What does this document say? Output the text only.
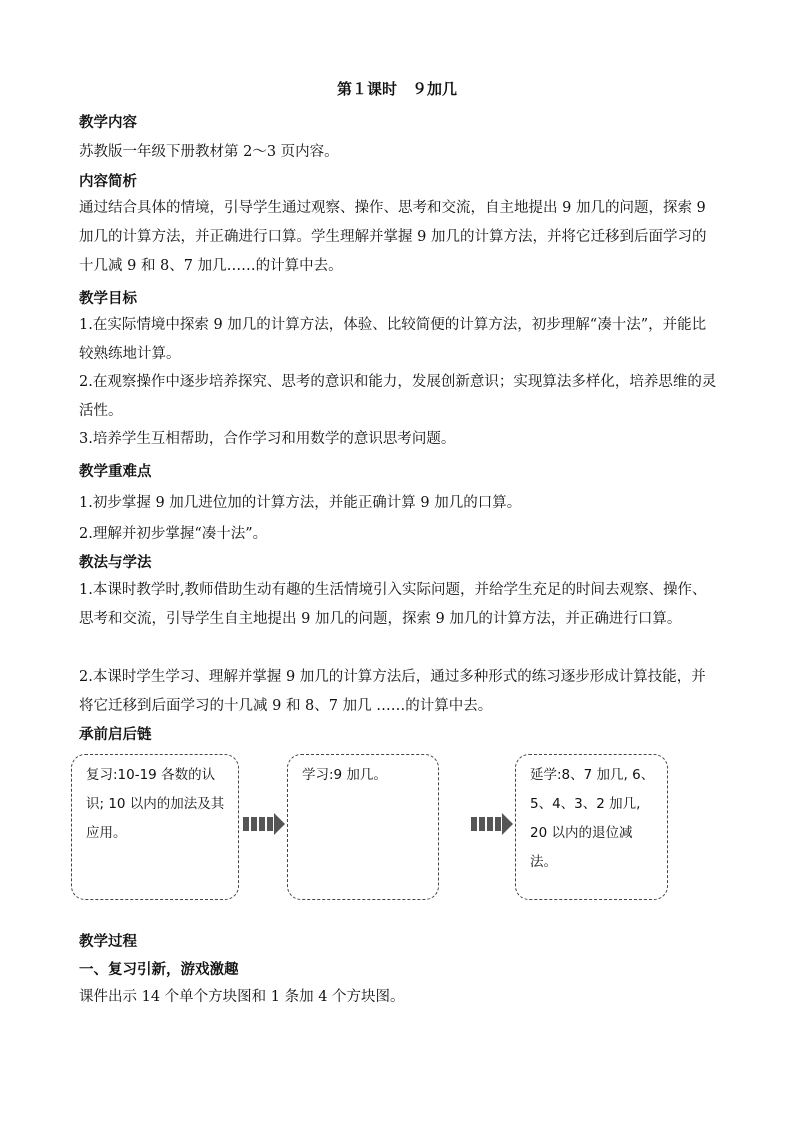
第１课时　９加几
教学内容
苏教版一年级下册教材第 2～3 页内容。
内容简析
通过结合具体的情境，引导学生通过观察、操作、思考和交流，自主地提出 9 加几的问题，探索 9 加几的计算方法，并正确进行口算。学生理解并掌握 9 加几的计算方法，并将它迁移到后面学习的十几减 9 和 8、7 加几……的计算中去。
教学目标
1.在实际情境中探索 9 加几的计算方法，体验、比较简便的计算方法，初步理解“凑十法”，并能比较熟练地计算。
2.在观察操作中逐步培养探究、思考的意识和能力，发展创新意识；实现算法多样化，培养思维的灵活性。
3.培养学生互相帮助，合作学习和用数学的意识思考问题。
教学重难点
1.初步掌握 9 加几进位加的计算方法，并能正确计算 9 加几的口算。
2.理解并初步掌握“凑十法”。
教法与学法
1.本课时教学时,教师借助生动有趣的生活情境引入实际问题，并给学生充足的时间去观察、操作、思考和交流，引导学生自主地提出 9 加几的问题，探索 9 加几的计算方法，并正确进行口算。
2.本课时学生学习、理解并掌握 9 加几的计算方法后，通过多种形式的练习逐步形成计算技能，并将它迁移到后面学习的十几减 9 和 8、7 加几 ……的计算中去。
承前启后链
复习:10-19 各数的认识; 10 以内的加法及其应用。
学习:9 加几。	延学:8、7 加几, 6、5、4、3、2 加几, 20 以内的退位减法。
教学过程
一、复习引新，游戏激趣
课件出示 14 个单个方块图和 1 条加 4 个方块图。
